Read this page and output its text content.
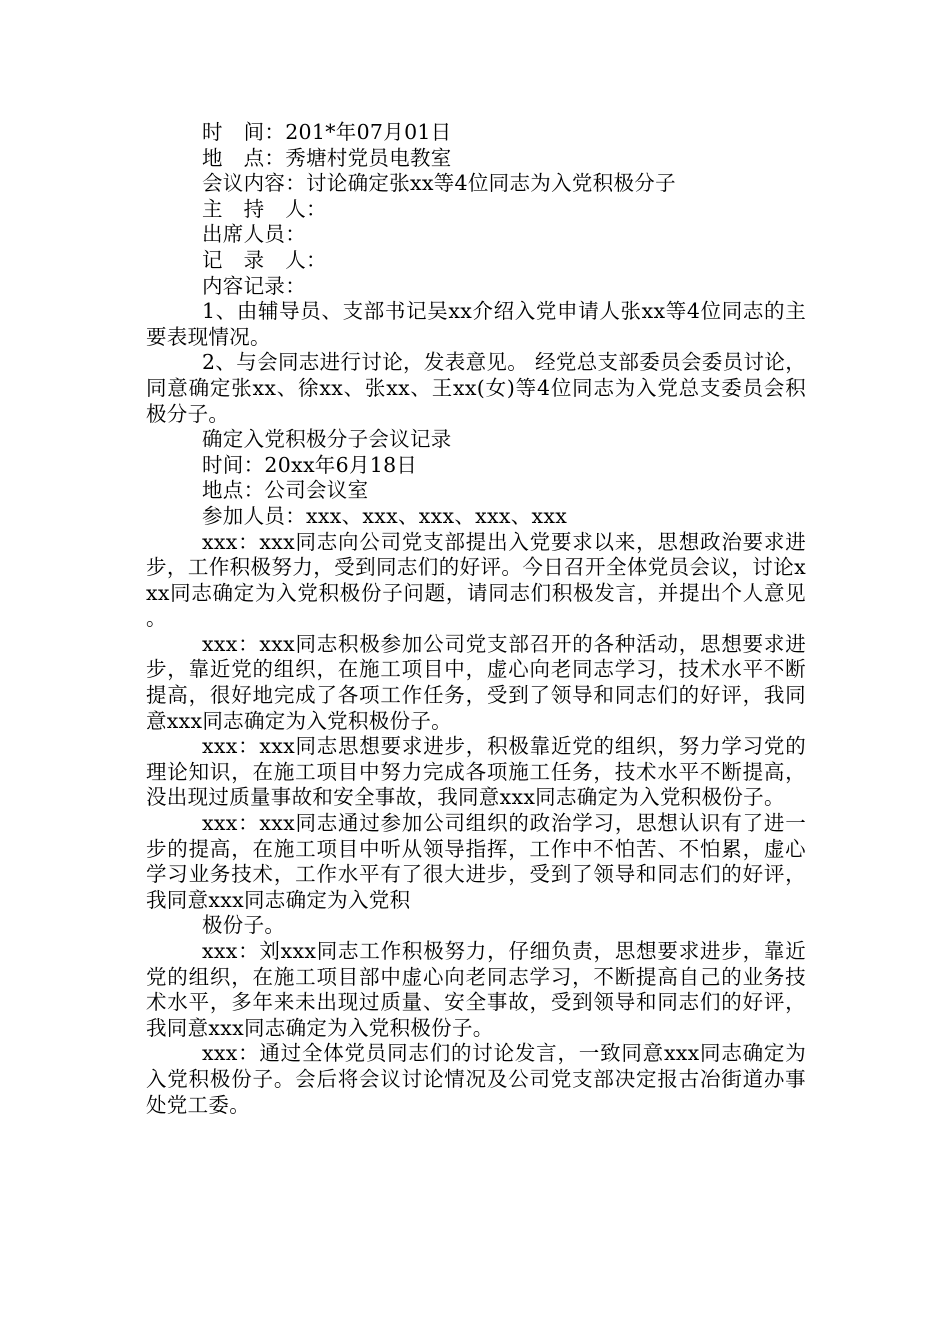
时　间：201*年07月01日

地　点：秀塘村党员电教室

会议内容：讨论确定张xx等4位同志为入党积极分子

主　持　人：

出席人员：

记　录　人：

内容记录：

1、由辅导员、支部书记吴xx介绍入党申请人张xx等4位同志的主要表现情况。

2、与会同志进行讨论，发表意见。 经党总支部委员会委员讨论，同意确定张xx、徐xx、张xx、王xx(女)等4位同志为入党总支委员会积极分子。

确定入党积极分子会议记录

时间：20xx年6月18日

地点：公司会议室

参加人员：xxx、xxx、xxx、xxx、xxx

xxx：xxx同志向公司党支部提出入党要求以来，思想政治要求进步，工作积极努力，受到同志们的好评。今日召开全体党员会议，讨论xxx同志确定为入党积极份子问题，请同志们积极发言，并提出个人意见。

xxx：xxx同志积极参加公司党支部召开的各种活动，思想要求进步，靠近党的组织，在施工项目中，虚心向老同志学习，技术水平不断提高，很好地完成了各项工作任务，受到了领导和同志们的好评，我同意xxx同志确定为入党积极份子。

xxx：xxx同志思想要求进步，积极靠近党的组织，努力学习党的理论知识，在施工项目中努力完成各项施工任务，技术水平不断提高，没出现过质量事故和安全事故，我同意xxx同志确定为入党积极份子。

xxx：xxx同志通过参加公司组织的政治学习，思想认识有了进一步的提高，在施工项目中听从领导指挥，工作中不怕苦、不怕累，虚心学习业务技术，工作水平有了很大进步，受到了领导和同志们的好评，我同意xxx同志确定为入党积

极份子。

xxx：刘xxx同志工作积极努力，仔细负责，思想要求进步，靠近党的组织，在施工项目部中虚心向老同志学习，不断提高自己的业务技术水平，多年来未出现过质量、安全事故，受到领导和同志们的好评，我同意xxx同志确定为入党积极份子。

xxx：通过全体党员同志们的讨论发言，一致同意xxx同志确定为入党积极份子。会后将会议讨论情况及公司党支部决定报古冶街道办事处党工委。
